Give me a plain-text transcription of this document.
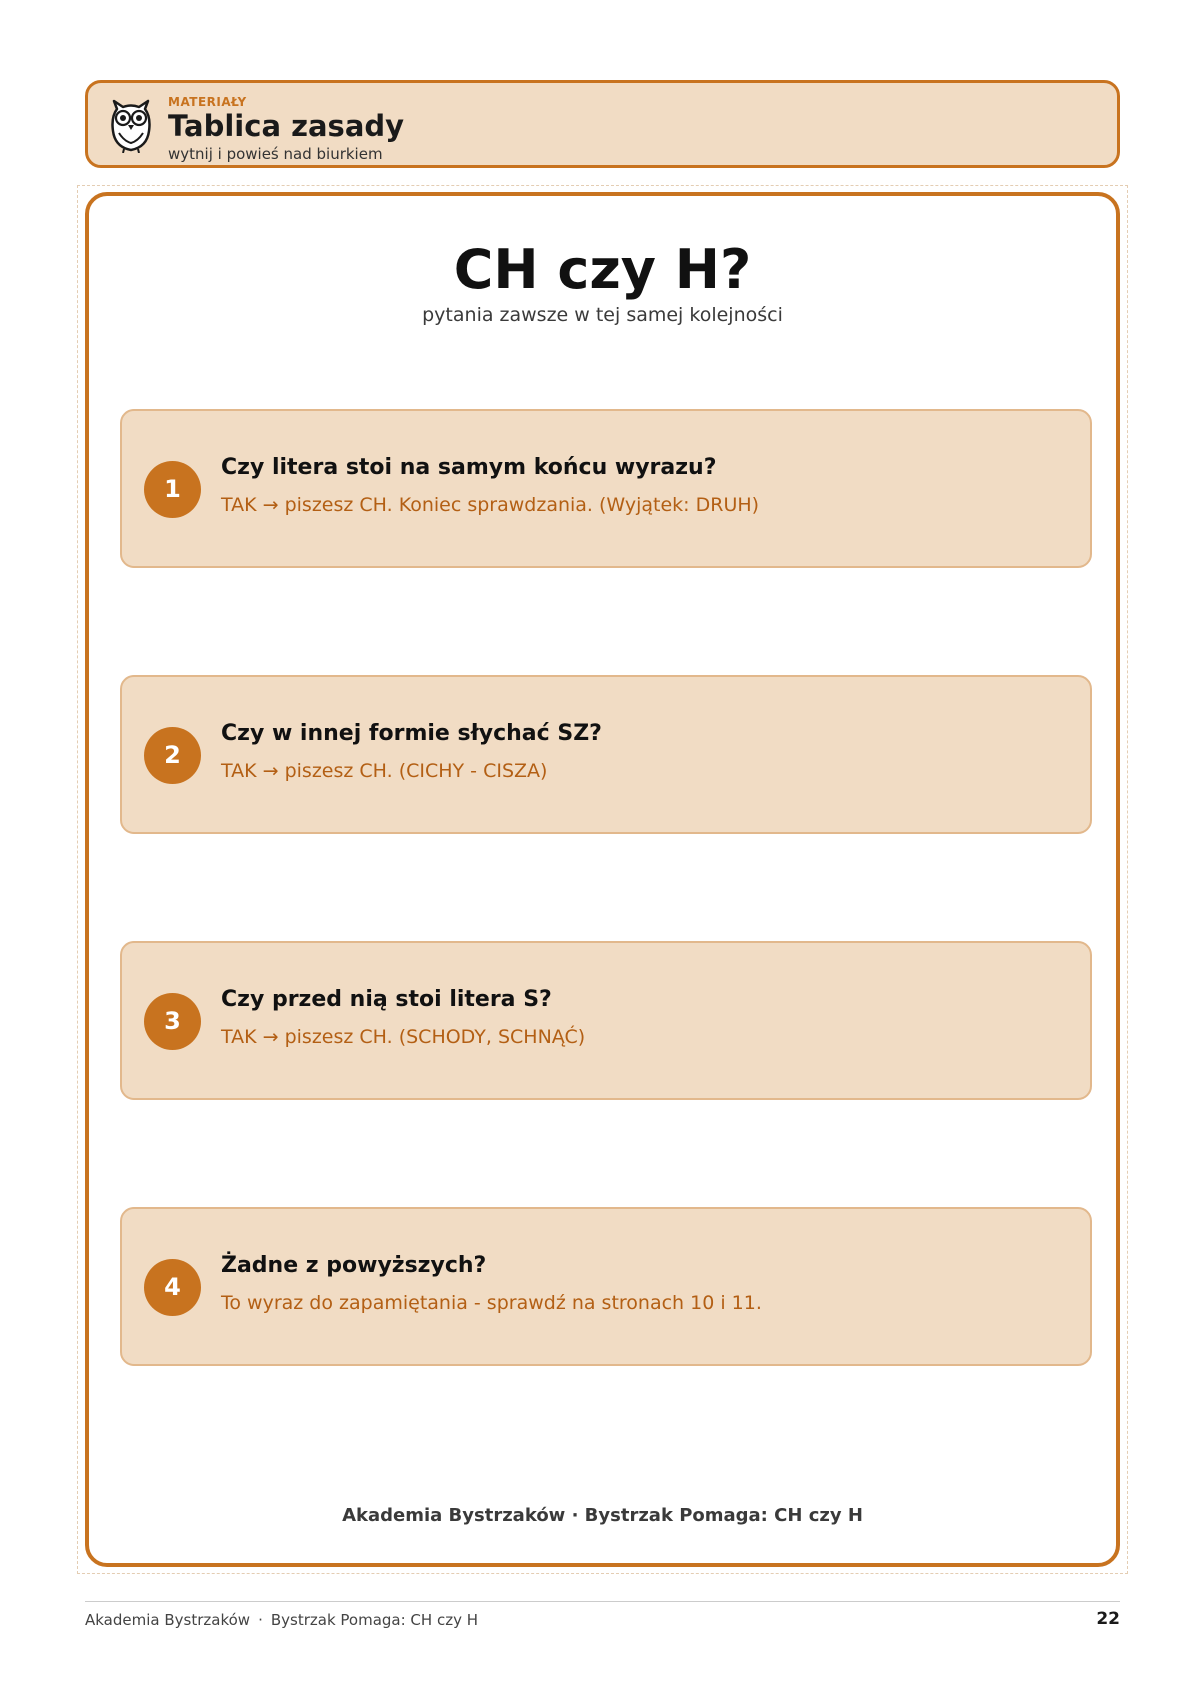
MATERIAŁY
Tablica zasady
wytnij i powieś nad biurkiem
CH czy H?
pytania zawsze w tej samej kolejności
1
Czy litera stoi na samym końcu wyrazu?
TAK → piszesz CH. Koniec sprawdzania. (Wyjątek: DRUH)
2
Czy w innej formie słychać SZ?
TAK → piszesz CH. (CICHY - CISZA)
3
Czy przed nią stoi litera S?
TAK → piszesz CH. (SCHODY, SCHNĄĆ)
4
Żadne z powyższych?
To wyraz do zapamiętania - sprawdź na stronach 10 i 11.
Akademia Bystrzaków · Bystrzak Pomaga: CH czy H
Akademia Bystrzaków · Bystrzak Pomaga: CH czy H	22
